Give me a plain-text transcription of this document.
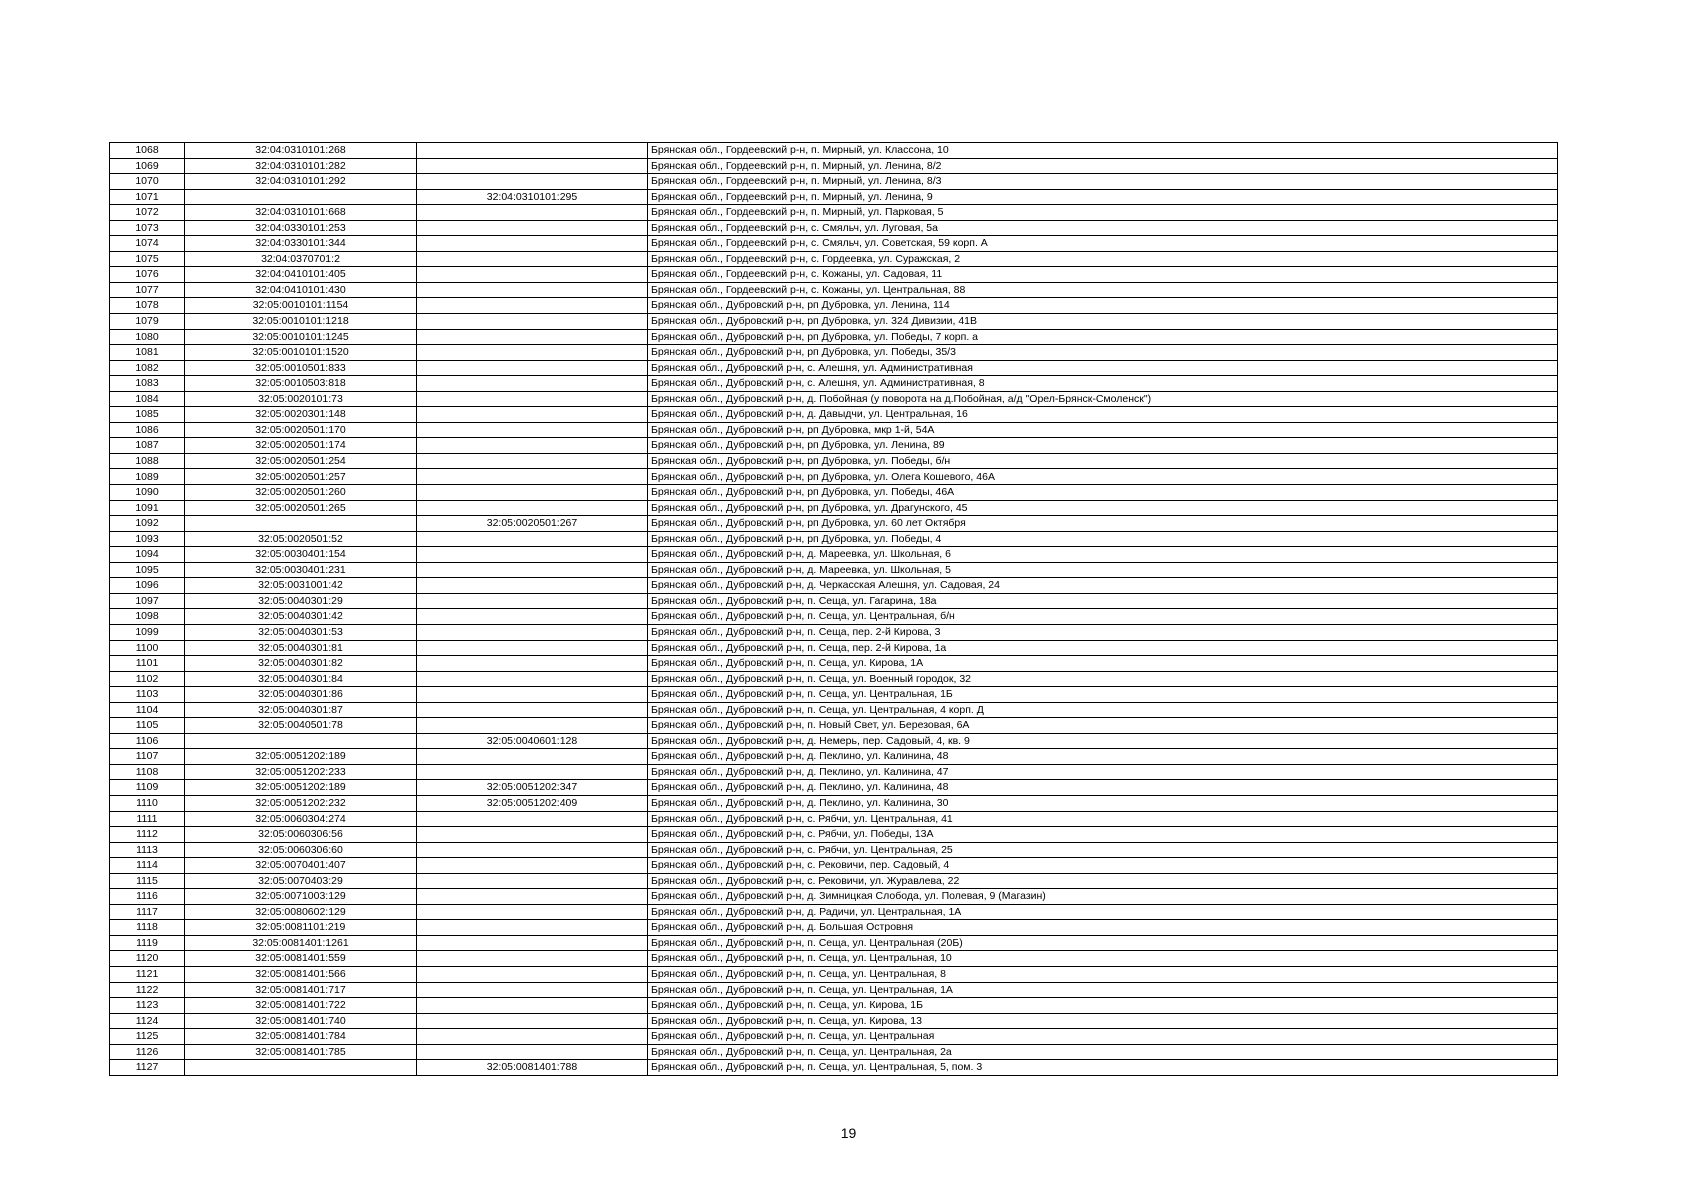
1068	32:04:0310101:268		Брянская обл., Гордеевский р-н, п. Мирный, ул. Классона, 10
1069	32:04:0310101:282		Брянская обл., Гордеевский р-н, п. Мирный, ул. Ленина, 8/2
1070	32:04:0310101:292		Брянская обл., Гордеевский р-н, п. Мирный, ул. Ленина, 8/3
1071		32:04:0310101:295	Брянская обл., Гордеевский р-н, п. Мирный, ул. Ленина, 9
1072	32:04:0310101:668		Брянская обл., Гордеевский р-н, п. Мирный, ул. Парковая, 5
1073	32:04:0330101:253		Брянская обл., Гордеевский р-н, с. Смяльч, ул. Луговая, 5а
1074	32:04:0330101:344		Брянская обл., Гордеевский р-н, с. Смяльч, ул. Советская, 59 корп. А
1075	32:04:0370701:2		Брянская обл., Гордеевский р-н, с. Гордеевка, ул. Суражская, 2
1076	32:04:0410101:405		Брянская обл., Гордеевский р-н, с. Кожаны, ул. Садовая, 11
1077	32:04:0410101:430		Брянская обл., Гордеевский р-н, с. Кожаны, ул. Центральная, 88
1078	32:05:0010101:1154		Брянская обл., Дубровский р-н, рп Дубровка, ул. Ленина, 114
1079	32:05:0010101:1218		Брянская обл., Дубровский р-н, рп Дубровка, ул. 324 Дивизии, 41В
1080	32:05:0010101:1245		Брянская обл., Дубровский р-н, рп Дубровка, ул. Победы, 7 корп. а
1081	32:05:0010101:1520		Брянская обл., Дубровский р-н, рп Дубровка, ул. Победы, 35/3
1082	32:05:0010501:833		Брянская обл., Дубровский р-н, с. Алешня, ул. Административная
1083	32:05:0010503:818		Брянская обл., Дубровский р-н, с. Алешня, ул. Административная, 8
1084	32:05:0020101:73		Брянская обл., Дубровский р-н, д. Побойная (у поворота на д.Побойная, а/д "Орел-Брянск-Смоленск")
1085	32:05:0020301:148		Брянская обл., Дубровский р-н, д. Давыдчи, ул. Центральная, 16
1086	32:05:0020501:170		Брянская обл., Дубровский р-н, рп Дубровка, мкр 1-й, 54А
1087	32:05:0020501:174		Брянская обл., Дубровский р-н, рп Дубровка, ул. Ленина, 89
1088	32:05:0020501:254		Брянская обл., Дубровский р-н, рп Дубровка, ул. Победы, б/н
1089	32:05:0020501:257		Брянская обл., Дубровский р-н, рп Дубровка, ул. Олега Кошевого, 46А
1090	32:05:0020501:260		Брянская обл., Дубровский р-н, рп Дубровка, ул. Победы, 46А
1091	32:05:0020501:265		Брянская обл., Дубровский р-н, рп Дубровка, ул. Драгунского, 45
1092		32:05:0020501:267	Брянская обл., Дубровский р-н, рп Дубровка, ул. 60 лет Октября
1093	32:05:0020501:52		Брянская обл., Дубровский р-н, рп Дубровка, ул. Победы, 4
1094	32:05:0030401:154		Брянская обл., Дубровский р-н, д. Мареевка, ул. Школьная, 6
1095	32:05:0030401:231		Брянская обл., Дубровский р-н, д. Мареевка, ул. Школьная, 5
1096	32:05:0031001:42		Брянская обл., Дубровский р-н, д. Черкасская Алешня, ул. Садовая, 24
1097	32:05:0040301:29		Брянская обл., Дубровский р-н, п. Сеща, ул. Гагарина, 18а
1098	32:05:0040301:42		Брянская обл., Дубровский р-н, п. Сеща, ул. Центральная, б/н
1099	32:05:0040301:53		Брянская обл., Дубровский р-н, п. Сеща, пер. 2-й Кирова, 3
1100	32:05:0040301:81		Брянская обл., Дубровский р-н, п. Сеща, пер. 2-й Кирова, 1а
1101	32:05:0040301:82		Брянская обл., Дубровский р-н, п. Сеща, ул. Кирова, 1А
1102	32:05:0040301:84		Брянская обл., Дубровский р-н, п. Сеща, ул. Военный городок, 32
1103	32:05:0040301:86		Брянская обл., Дубровский р-н, п. Сеща, ул. Центральная, 1Б
1104	32:05:0040301:87		Брянская обл., Дубровский р-н, п. Сеща, ул. Центральная, 4 корп. Д
1105	32:05:0040501:78		Брянская обл., Дубровский р-н, п. Новый Свет, ул. Березовая, 6А
1106		32:05:0040601:128	Брянская обл., Дубровский р-н, д. Немерь, пер. Садовый, 4, кв. 9
1107	32:05:0051202:189		Брянская обл., Дубровский р-н, д. Пеклино, ул. Калинина, 48
1108	32:05:0051202:233		Брянская обл., Дубровский р-н, д. Пеклино, ул. Калинина, 47
1109	32:05:0051202:189	32:05:0051202:347	Брянская обл., Дубровский р-н, д. Пеклино, ул. Калинина, 48
1110	32:05:0051202:232	32:05:0051202:409	Брянская обл., Дубровский р-н, д. Пеклино, ул. Калинина, 30
1111	32:05:0060304:274		Брянская обл., Дубровский р-н, с. Рябчи, ул. Центральная, 41
1112	32:05:0060306:56		Брянская обл., Дубровский р-н, с. Рябчи, ул. Победы, 13А
1113	32:05:0060306:60		Брянская обл., Дубровский р-н, с. Рябчи, ул. Центральная, 25
1114	32:05:0070401:407		Брянская обл., Дубровский р-н, с. Рековичи, пер. Садовый, 4
1115	32:05:0070403:29		Брянская обл., Дубровский р-н, с. Рековичи, ул. Журавлева, 22
1116	32:05:0071003:129		Брянская обл., Дубровский р-н, д. Зимницкая Слобода, ул. Полевая, 9 (Магазин)
1117	32:05:0080602:129		Брянская обл., Дубровский р-н, д. Радичи, ул. Центральная, 1А
1118	32:05:0081101:219		Брянская обл., Дубровский р-н, д. Большая Островня
1119	32:05:0081401:1261		Брянская обл., Дубровский р-н, п. Сеща, ул. Центральная (20Б)
1120	32:05:0081401:559		Брянская обл., Дубровский р-н, п. Сеща, ул. Центральная, 10
1121	32:05:0081401:566		Брянская обл., Дубровский р-н, п. Сеща, ул. Центральная, 8
1122	32:05:0081401:717		Брянская обл., Дубровский р-н, п. Сеща, ул. Центральная, 1А
1123	32:05:0081401:722		Брянская обл., Дубровский р-н, п. Сеща, ул. Кирова, 1Б
1124	32:05:0081401:740		Брянская обл., Дубровский р-н, п. Сеща, ул. Кирова, 13
1125	32:05:0081401:784		Брянская обл., Дубровский р-н, п. Сеща, ул. Центральная
1126	32:05:0081401:785		Брянская обл., Дубровский р-н, п. Сеща, ул. Центральная, 2а
1127		32:05:0081401:788	Брянская обл., Дубровский р-н, п. Сеща, ул. Центральная, 5, пом. 3
19
